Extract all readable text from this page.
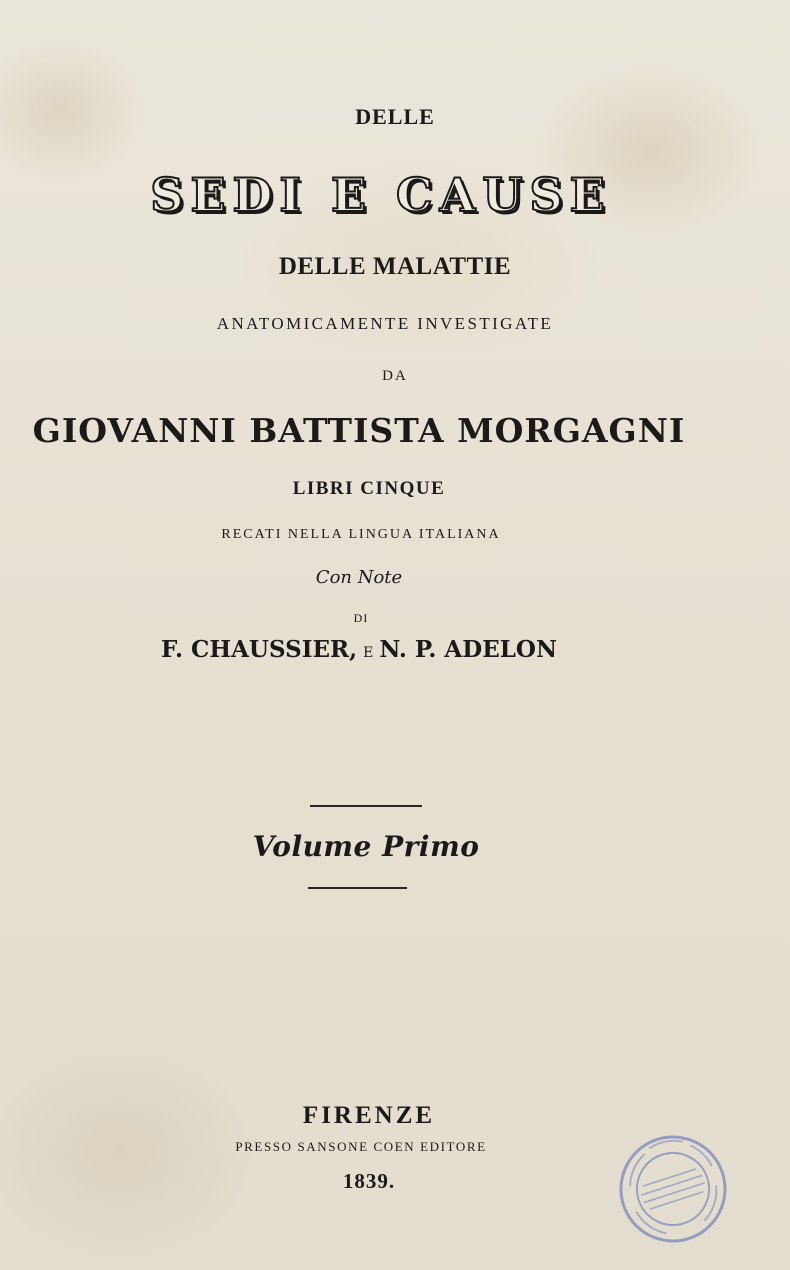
DELLE
SEDI E CAUSE
DELLE MALATTIE
ANATOMICAMENTE INVESTIGATE
DA
GIOVANNI BATTISTA MORGAGNI
LIBRI CINQUE
RECATI NELLA LINGUA ITALIANA
Con Note
DI
F. CHAUSSIER, E N. P. ADELON
Volume Primo
FIRENZE
PRESSO SANSONE COEN EDITORE
1839.
